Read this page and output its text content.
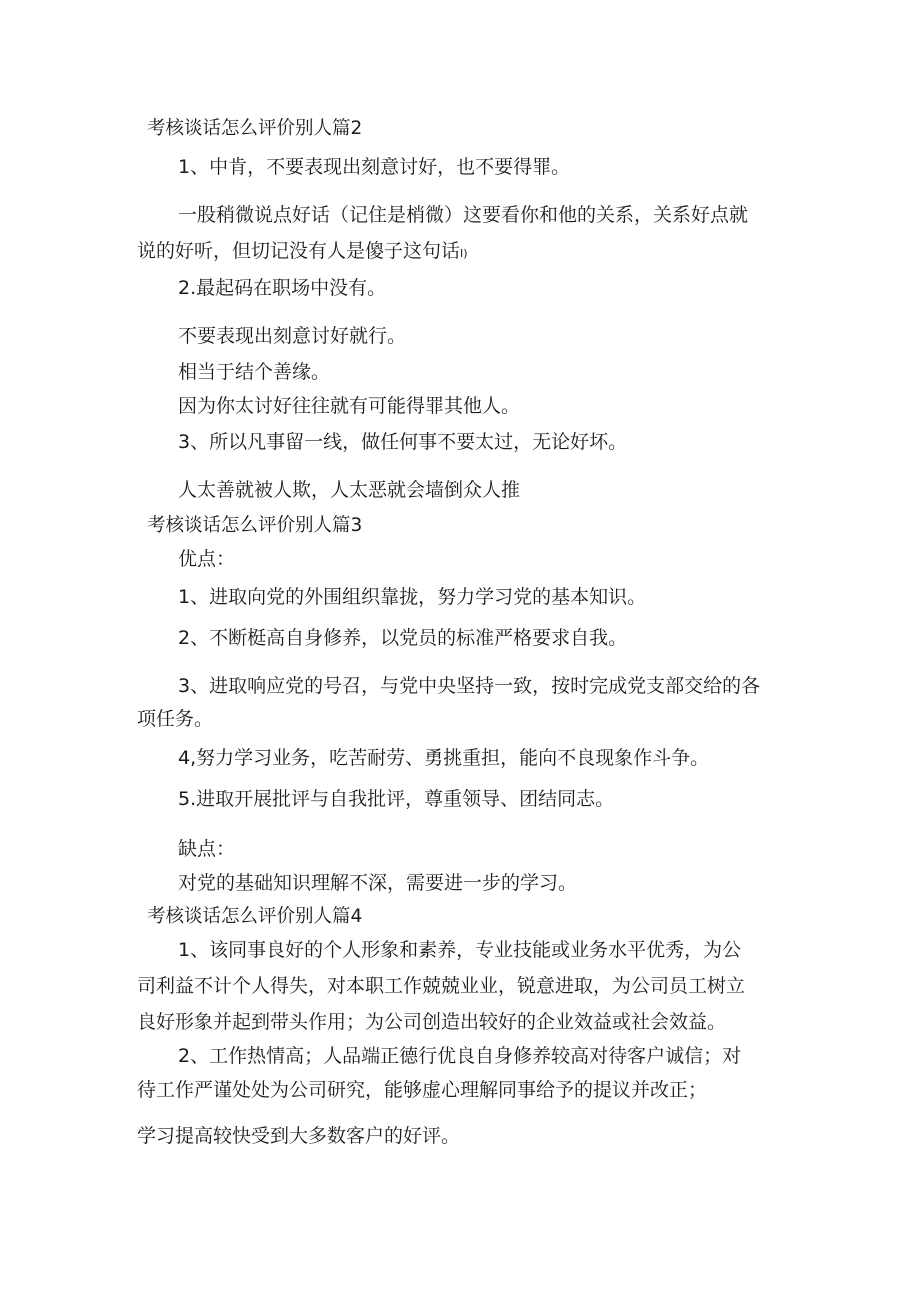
考核谈话怎么评价别人篇2
1、中肯，不要表现出刻意讨好，也不要得罪。
一股稍微说点好话（记住是梢微）这要看你和他的关系，关系好点就
说的好听，但切记没有人是傻子这句话I)
2.最起码在职场中没有。
不要表现出刻意讨好就行。
相当于结个善缘。
因为你太讨好往往就有可能得罪其他人。
3、所以凡事留一线，做任何事不要太过，无论好坏。
人太善就被人欺，人太恶就会墙倒众人推
考核谈话怎么评价别人篇3
优点：
1、进取向党的外围组织靠拢，努力学习党的基本知识。
2、不断梃高自身修养，以党员的标准严格要求自我。
3、进取响应党的号召，与党中央坚持一致，按时完成党支部交给的各
项任务。
4,努力学习业务，吃苦耐劳、勇挑重担，能向不良现象作斗争。
5.进取开展批评与自我批评，尊重领导、团结同志。
缺点：
对党的基础知识理解不深，需要进一步的学习。
考核谈话怎么评价别人篇4
1、该同事良好的个人形象和素养，专业技能或业务水平优秀，为公
司利益不计个人得失，对本职工作兢兢业业，锐意进取，为公司员工树立
良好形象并起到带头作用；为公司创造出较好的企业效益或社会效益。
2、工作热情高；人品端正德行优良自身修养较高对待客户诚信；对
待工作严谨处处为公司研究，能够虚心理解同事给予的提议并改正；
学习提高较快受到大多数客户的好评。
